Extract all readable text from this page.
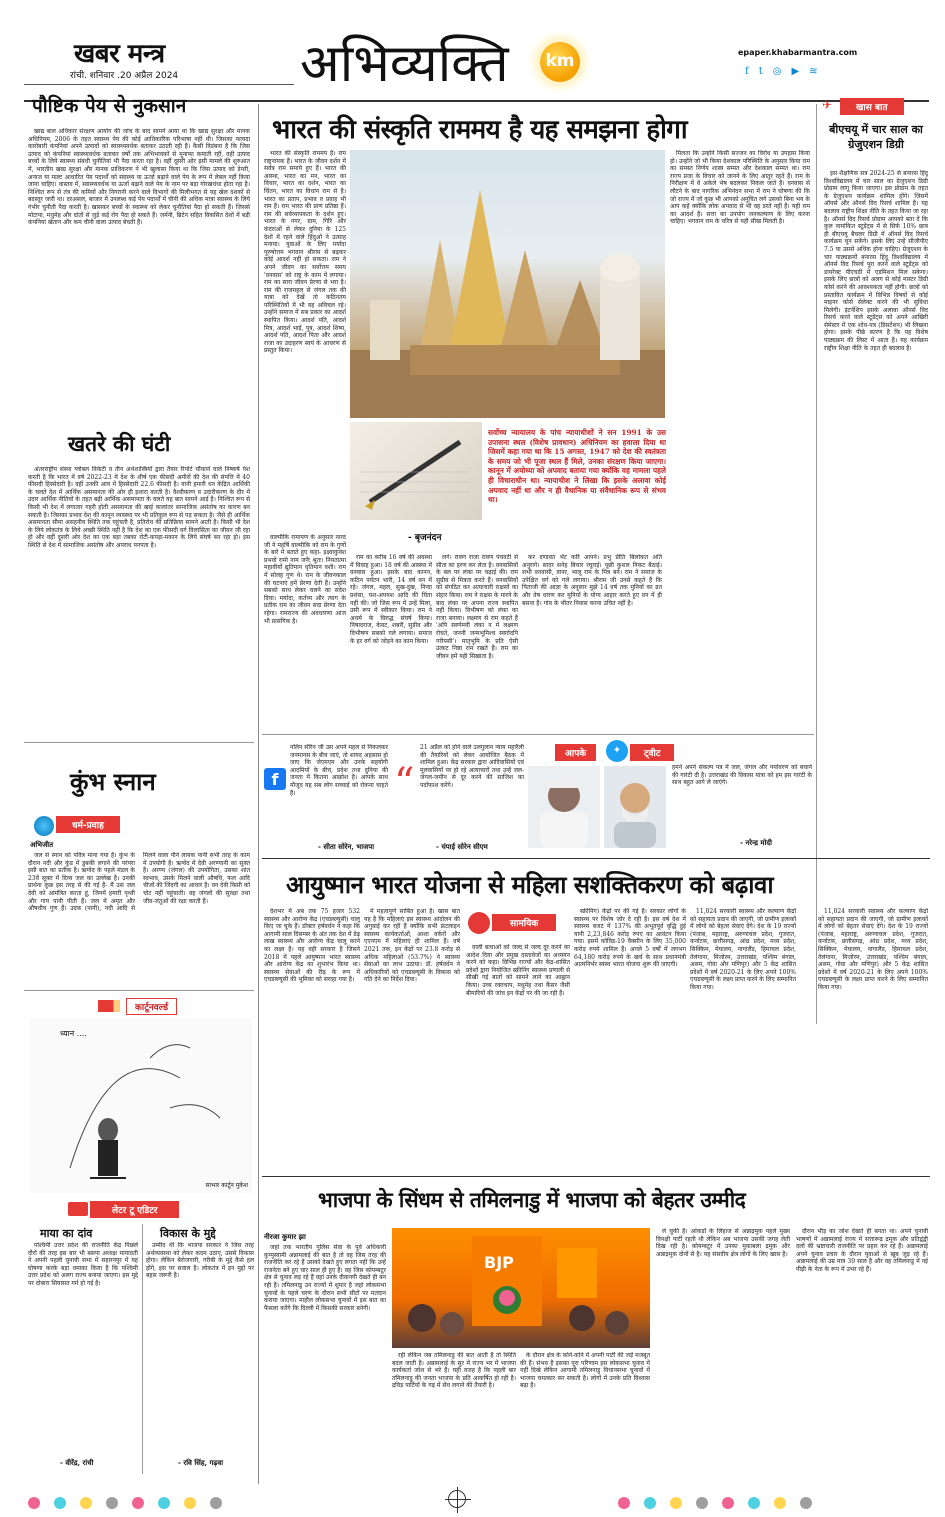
खबर मन्त्र
रांची. शनिवार .20 अप्रैल 2024 अभिव्यक्ति	km	epaper.khabarmantra.com
ft◎▶≋
पौष्टिक पेय से नुकसान

खाद्य बाल अधिकार संरक्षण आयोग की जांच के बाद सामने आया था कि खाद्य सुरक्षा और मानक अधिनियम, 2006 के तहत स्वास्थ्य पेय की कोई आधिकारिक परिभाषा नहीं थी। जिसका फायदा कारोबारी कंपनियां अपने उत्पादों को स्वास्थ्यवर्धक बताकर उठाती रही हैं। कैसी विडंबना है कि जिस उत्पाद को कंपनियां स्वास्थ्यवर्धक बताकर वर्षों तक अभिभावकों से मुनाफा कमाती रहीं, वही उत्पाद बच्चों के लिये स्वास्थ्य संबंधी चुनौतियां भी पैदा करता रहा है। वहीं दूसरी ओर इसी मामले की शुरुआत में, भारतीय खाद्य सुरक्षा और मानक प्राधिकरण ने भी खुलासा किया था कि जिस उत्पाद को डेयरी, अनाज या माल्ट आधारित पेय पदार्थों को स्वास्थ्य या ऊर्जा बढ़ाने वाले पेय के रूप में लेबल नहीं किया जाना चाहिए। वास्तव में, स्वास्थ्यवर्धक या ऊर्जा बढ़ाने वाले पेय के नाम पर बड़ा गोरखधंधा होता रहा है। निश्चित रूप से तंत्र की कमियों और निगरानी करने वाले विभागों की मिलीभगत से यह खेल दशकों से बदस्तूर जारी था। दरअसल, बाजार में उपलब्ध कई पेय पदार्थों में चीनी की अधिक मात्रा स्वास्थ्य के लिये गंभीर चुनौती पैदा करती है। खासकर बच्चों के स्वास्थ्य को लेकर चुनौतियां पैदा हो सकती हैं। जिससे मोटापा, मधुमेह और दांतों से जुड़े कई रोग पैदा हो सकते हैं। जर्मनी, ब्रिटेन सहित विकसित देशों में बड़ी कंपनियां खेतान और कम चीनी वाला उत्पाद बेचती हैं।

खतरे की घंटी

अंतरराष्ट्रीय संस्था ग्लोबल विकेटी व तीन अर्थशास्त्रियों द्वारा तैयार रिपोर्ट चौंकाने वाले निष्कर्ष पेश करती है कि भारत में वर्ष 2022-23 में देश के शीर्ष एक फीसदी अमीरों की देश की संपत्ति में 40 फीसदी हिस्सेदारी है। वहीं उनकी आय में हिस्सेदारी 22.6 फीसदी है। यानी हमारी धन केंद्रित आर्थिकी के चलते देश में आर्थिक असमानता की ओर ही इशारा करती है। वैश्वीकरण व उदारीकरण के दौर में उदार आर्थिक नीतियों के तहत बढ़ी आर्थिक असमानता के चलते यह बात सामने आई है। निश्चित रूप से किसी भी देश में लगातार गहरी होती असमानता की खाई कालांतर सामाजिक असंतोष का कारण बन सकती है। जिसका प्रभाव देश की कानून व्यवस्था पर भी प्रतिकूल रूप से पड़ सकता है। जैसे ही आर्थिक असमानता सीमा असहनीय स्थिति तक पहुंचती है, प्रतिरोध की प्रतिक्रिया सामने आती है। किसी भी देश के लिये लोकतंत्र के लिये अच्छी स्थिति नहीं है कि देश का एक फीसदी वर्ग विलासिता का जीवन जी रहा हो और वहीं दूसरी ओर देश का एक बड़ा तबका रोटी-कपड़ा-मकान के लिये संघर्ष कर रहा हो। इस स्थिति से देश में सामाजिक असंतोष और अपराध पनपता है।

कुंभ स्नान
धर्म-प्रवाह
अभिजीत

जल से स्नान को पवित्र माना गया है। कुंभ के दौरान नदी और कुंड में डुबकी लगाने की परंपरा इसी बात का प्रतीक है। ऋग्वेद के पहले मंडल के 23वें सूक्त में दिव्य जल का उल्लेख है। उनकी प्रार्थना कुछ इस तरह से की गई है- मैं उस जल देवी को आमंत्रित करता हूं, जिनमें हमारी पृथ्वी और गाय पानी पीती हैं। जल में अमृत और औषधीय गुण हैं। उदक (पानी), नदी आदि से मिलने वाला पीने लायक पानी सभी तरह के काम में उपयोगी है। ऋग्वेद में देवी अरण्यानी का सूक्त है। अरण्य (जंगल) की उपयोगिता, उसका शांत स्वभाव, उसके मिलने वाली औषधि, फल आदि चीजों की जिंदगी का आधार है। वन देवी किसी को चोट नहीं पहुंचाती। वह जंगलों की सुरक्षा तथा जीव-जंतुओं की रक्षा करती हैं।

कार्टूनवर्ल्ड
ध्यान ....
साभार कार्टून मुकेश
लेटर टू एडिटर
माया का दांव

पश्चिमी उत्तर प्रदेश की राजनीति केंद्र पिछले दौरों की तरह इस बार भी बसपा अध्यक्ष मायावती ने अपनी पहली चुनावी सभा में सहारनपुर में यह घोषणा करके बड़ा धमाका किया है कि पश्चिमी उत्तर प्रदेश को अलग राज्य बनाया जाएगा। इस मुद्दे पर दोबारा सियासत गर्म हो गई है।

- वीरेंद्र, रांची
विकास के मुद्दे

उम्मीद थी कि भाजपा सरकार ने जिस तरह अर्थव्यवस्था को लेकर कदम उठाए, उससे विकास होगा। लेकिन बेरोजगारी, गरीबी के मुद्दे कैसे हल होंगे, इस पर सवाल है। लोकतंत्र में इन मुद्दों पर बहस जरूरी है।

- रवि सिंह, गढ़वा
भारत की संस्कृति राममय है यह समझना होगा

भारत की संस्कृति राममय है। राम राष्ट्रनायक हैं। भारत के जीवन दर्शन में सर्वत्र राम समाये हुए हैं। भारत की आस्था, भारत का मन, भारत का विचार, भारत का दर्शन, भारत का चिंतन, भारत का विधान राम से है। भारत का प्रताप, प्रभाव व प्रवाह भी राम हैं। राम भारत की प्राण प्रतिष्ठा हैं। राम की सर्वव्यापकता के दर्शन हुए। भारत के नगर, ग्राम, गिरि और कंदराओं से लेकर दुनिया के 125 देशों में रहने वाले हिंदुओं ने उत्साह मनाया। युवाओं के लिए मर्यादा पुरुषोत्तम भगवान श्रीराम से बढ़कर कोई आदर्श नहीं हो सकता। राम ने अपने जीवन का सर्वोत्तम समय 'वनवास' को राष्ट्र के काम में लगाया। राम का सारा जीवन प्रेरणा से भरा है। राम की राजमहल से जंगल तक की यात्रा को देखें तो कठिनतम परिस्थितियों में भी वह अविचल रहे। उन्होंने समाज में सब प्रकार का आदर्श स्थापित किया। आदर्श पति, आदर्श मित्र, आदर्श भाई, पुत्र, आदर्श शिष्य, आदर्श पति, आदर्श पिता और आदर्श राजा का उदाहरण स्वयं के आचरण से प्रस्तुत किया।

- बृजनंदन
सर्वोच्च न्यायालय के पांच न्यायाधीशों ने सन 1991 के उस उपासना स्थल (विशेष प्रावधान) अधिनियम का हवाला दिया था जिसमें कहा गया था कि 15 अगस्त, 1947 को देश की स्वतंत्रता के समय जो भी पूजा स्थल हैं मिले, उनका संरक्षण किया जाएगा। कानून में अयोध्या को अपवाद बताया गया क्योंकि वह मामला पहले ही विचाराधीन था। न्यायाधीश ने लिखा कि इसके अलावा कोई अपवाद नहीं था और न ही वैधानिक या संवैधानिक रूप से संभव था।

वाल्मीकि रामायण के अनुसार नारद जी ने महर्षि वाल्मीकि को राम के गुणों के बारे में बताते हुए कहा- इक्ष्वाकुवंश प्रभवो रामो नाम जनैः श्रुतः। नियतात्मा महावीर्यो द्युतिमान धृतिमान वशी। राम में सोलह गुण थे। राम के जीवनकाल की घटनाएं हमें प्रेरणा देती हैं। उन्होंने सबको साथ लेकर चलने का संदेश दिया। मर्यादा, कर्तव्य और त्याग के प्रतीक राम का जीवन सदा प्रेरणा देता रहेगा। रामराज्य की अवधारणा आज भी प्रासंगिक है।

राम का करीब 16 वर्ष की अवस्था में विवाह हुआ। 18 वर्ष की अवस्था में वनवास हुआ। इसके बाद कानन, कठिन पर्यटन भारी, 14 वर्ष वन में रहे। जंगल, महल, सुख-दुख, निन्दा प्रशंसा, यश-अपयश आदि की चिंता नहीं की। जो जिस रूप में उन्हें मिला, उसी रूप में स्वीकार किया। राम ने अधर्म के विरुद्ध संघर्ष किया। निषादराज, केवट, शबरी, सुग्रीव और विभीषण सबको गले लगाया। समाज के हर वर्ग को जोड़ने का काम किया।

लगे। रावण राजा रावण पंचवटी से सीता का हरण कर लेता है। वनवासियों के बल पर लंका पर चढ़ाई की। राम सुग्रीव से मित्रता करते हैं। वनवासियों को संगठित कर अत्याचारी राक्षसों का संहार किया। राम ने राक्षस के मारने के बाद लंका पर अपना राज्य स्थापित नहीं किया। विभीषण को लंका का राजा बनाया। लक्ष्मण से राम कहते हैं 'अपि स्वर्णमयी लंका न मे लक्ष्मण रोचते, जननी जन्मभूमिश्च स्वर्गादपि गरीयसी'। मातृभूमि के प्रति ऐसी उत्कट निष्ठा राम रखते हैं। राम का जीवन हमें यही सिखाता है।

कर दण्डवत भेंट करि आपने। प्रभु प्रीति बिलोकत अति अनुरागे। सादर सनेह बिचार रघुराई। पूछी कुशल निकट बैठाई। सभी वनवासी, वानर, भालू राम के मित्र बने। राम ने समाज के उपेक्षित वर्ग को गले लगाया। श्रीराम जी उनसे कहते हैं कि पिताजी की आज्ञा के अनुसार मुझे 14 वर्ष तक मुनियों का व्रत और वेष धारण कर मुनियों के योग्य आहार करते हुए वन में ही बसना है। गांव के भीतर निवास करना उचित नहीं है।

मिलता कि उन्होंने किसी सज्जन का विरोध या उपहास किया हो। उन्होंने जो भी किया देशकाल परिस्थिति के अनुसार किया राम का समस्त निर्णय शास्त्र सम्मत और देशकाल सम्मत था। राम राज्य प्रजा के विचार को जानने के लिए आतुर रहते हैं। राम के निरीक्षण में वे अकेले भेष बदलकर निकल जाते हैं। वनवास से लौटने के बाद नागरिक अभिनंदन सभा में राम ने घोषणा की कि जो राज्य में जो कुछ भी आपको अनुचित लगे उसको बिना भय के आप कहें क्योंकि लोक अपवाद से भी वह डरते नहीं हैं। यही राम का आदर्श है। सत्ता का उपयोग जनकल्याण के लिए करना चाहिए। भगवान राम के चरित्र से यही सीख मिलती है।

✈	खास बात
बीएचयू में चार साल का ग्रेजुएशन डिग्री

इस शैक्षणिक सत्र 2024-25 से बनारस हिंदू विश्वविद्यालय में चार साल का ग्रेजुएशन डिग्री प्रोग्राम लागू किया जाएगा। इस प्रोग्राम के तहत के ग्रेजुएशन कार्यक्रम शामिल होंगे। जिसमें ऑनर्स और ऑनर्स विद रिसर्च शामिल है। यह बदलाव राष्ट्रीय शिक्षा नीति के तहत किया जा रहा है। ऑनर्स विद रिसर्च प्रोग्राम आपको बता दें कि कुल नामांकित स्टूडेंट्स में से सिर्फ 10% छात्र ही बीएचयू बैचलर डिग्री में ऑनर्स विद रिसर्च कार्यक्रम चुन सकेंगे। इसके लिए उन्हें सीजीपीए 7.5 या उससे अधिक होना चाहिए। ग्रेजुएशन के चार पाठ्यक्रमों बनारस हिंदू विश्वविद्यालय में ऑनर्स विद रिसर्च पूरा करने वाले स्टूडेंट्स को डायरेक्ट पीएचडी में एडमिशन मिल सकेगा। इसके लिए छात्रों को अलग से कोई मास्टर डिग्री कोर्स करने की आवश्यकता नहीं होगी। छात्रों को प्रस्तावित कार्यक्रम में विभिन्न विषयों से कोई माइनर कोर्स सेलेक्ट करने की भी सुविधा मिलेगी। इंटर्नशिप इसके अलावा ऑनर्स विद रिसर्च करने वाले स्टूडेंट्स को अपने आखिरी सेमेस्टर में एक शोध-पत्र (डिसर्टेशन) भी लिखना होगा। इसके पीछे कारण है कि यह विशेष पाठ्यक्रम की लिस्ट में आता है। यह कार्यक्रम राष्ट्रीय शिक्षा नीति के तहत ही बदलाव है।

f
नलिन सेरिन जी उस अपने महल से निकलकर जनमानस के बीच जाएं, तो शायद अहसास हो जाए कि जेएमएम और उनके सहयोगी आदमियों के बीच, प्रदेश तथा दुनिया की जनता में कितना आक्रोश है। आपके साथ मौजूद यह सब लोग सच्चाई को रोकना चाहते हैं।
- सीता सोरेन, भाजपा
“
21 अप्रैल को होने वाले उलगुलान न्याय महारैली की तैयारियों को लेकर आयोजित बैठक में शामिल हुआ। केंद्र सरकार द्वारा आदिवासियों एवं मूलवासियों पर हो रहे अत्याचारों तथा उन्हें जल-जंगल-जमीन से दूर करने की साजिश का पर्दाफाश करेंगे।
- चंपाई सोरेन सीएम
आपके	✦	ट्वीट
हमने अपने संकल्प पत्र में जल, जंगल और पर्यावरण को बचाने की गारंटी दी है। उत्तराखंड की विकास यात्रा को हम इस गारंटी के साथ बहुत आगे ले जाएंगे।
- नरेन्द्र मोदी
आयुष्मान भारत योजना से महिला सशक्तिकरण को बढ़ावा

देशभर में अब तक 75 हजार 532 स्वास्थ्य और आरोग्य केंद्र (एचडब्ल्यूसी) चालू किए जा चुके हैं। डॉक्टर हर्षवर्धन ने कहा कि आगामी साल दिसम्बर के अंत तक देश में डेढ़ लाख स्वास्थ्य और आरोग्य केंद्र चालू करने का लक्ष्य है। यह वही सरकार है जिसने 2018 में पहले आयुष्मान भारत स्वास्थ्य और आरोग्य केंद्र का शुभारंभ किया था। स्वास्थ्य सेवाओं की रीढ़ के रूप में एचडब्ल्यूसी की भूमिका को सराहा गया है।

में महत्वपूर्ण साबित हुआ है। खास बात यह है कि महिलाएं इस स्वास्थ्य आंदोलन की अगुवाई कर रही हैं क्योंकि सभी फ्रंटलाइन स्वास्थ्य कार्यकर्ताओं, आशा वर्करों और एएनएम में महिलाएं ही शामिल हैं। वर्ष 2021 तक, इन केंद्रों पर 23.8 करोड़ से अधिक महिलाओं (53.7%) ने स्वास्थ्य सेवाओं का लाभ उठाया। डॉ. हर्षवर्धन ने अधिकारियों को एचडब्ल्यूसी के विकास को गति देने का निर्देश दिया।

सामयिक

वाली बाधाओं को जल्द से जल्द दूर करने का आदेश दिया और प्रमुख दस्तावेजों का अध्ययन करने को कहा। विभिन्न राज्यों और केंद्र-शासित प्रदेशों द्वारा नियोजित स्क्रीनिंग स्वास्थ्य प्रणाली से सीखी गई बातों को सामने लाने का आह्वान किया। उच्च रक्तचाप, मधुमेह तथा कैंसर जैसी बीमारियों की जांच इन केंद्रों पर की जा रही है।

स्क्रीनिंग) केंद्रों पर की गई है। सरकार लोगों के स्वास्थ्य पर विशेष जोर दे रही है। इस वर्ष देश में स्वास्थ्य बजट में 137% की अभूतपूर्व वृद्धि हुई यानी 2,23,846 करोड़ रुपए का आवंटन किया गया। इसमें कोविड-19 वैक्सीन के लिए 35,000 करोड़ रुपये शामिल हैं। अगले 5 वर्षों में लगभग 64,180 करोड़ रुपये के खर्च के साथ प्रधानमंत्री आत्मनिर्भर स्वस्थ भारत योजना शुरू की जाएगी।

11,024 सरकारी स्वास्थ्य और कल्याण केंद्रों को सहायता प्रदान की जाएगी, जो ग्रामीण इलाकों में लोगों को बेहतर सेवाएं देंगे। देश के 19 राज्यों (पंजाब, महाराष्ट्र, अरुणाचल प्रदेश, गुजरात, कर्नाटक, छत्तीसगढ़, आंध्र प्रदेश, मध्य प्रदेश, सिक्किम, मेघालय, नागालैंड, हिमाचल प्रदेश, तेलंगाना, मिजोरम, उत्तराखंड, पश्चिम बंगाल, असम, गोवा और मणिपुर) और 5 केंद्र शासित प्रदेशों में वर्ष 2020-21 के लिए अपने 100% एचडब्ल्यूसी के लक्ष्य प्राप्त करने के लिए सम्मानित किया गया।

11,024 सरकारी स्वास्थ्य और कल्याण केंद्रों को सहायता प्रदान की जाएगी, जो ग्रामीण इलाकों में लोगों को बेहतर सेवाएं देंगे। देश के 19 राज्यों (पंजाब, महाराष्ट्र, अरुणाचल प्रदेश, गुजरात, कर्नाटक, छत्तीसगढ़, आंध्र प्रदेश, मध्य प्रदेश, सिक्किम, मेघालय, नागालैंड, हिमाचल प्रदेश, तेलंगाना, मिजोरम, उत्तराखंड, पश्चिम बंगाल, असम, गोवा और मणिपुर) और 5 केंद्र शासित प्रदेशों में वर्ष 2020-21 के लिए अपने 100% एचडब्ल्यूसी के लक्ष्य प्राप्त करने के लिए सम्मानित किया गया।

भाजपा के सिंधम से तमिलनाडु में भाजपा को बेहतर उम्मीद
नीरजा कुमार झा

जहां तक भारतीय पुलिस सेवा के पूर्व अधिकारी कुप्पुस्वामी अन्नामलाई की बात है तो वह जिस तरह की राजनीति कर रहे हैं उसको देखते हुए लगता नहीं कि उन्हें राजनेता बने हुए चार साल ही हुए हैं। वह जिस कोयम्बटूर क्षेत्र से चुनाव लड़ रहे हैं वहां उनके दीवानगी देखते ही बन रही है। तमिलनाडु उन राज्यों में शुमार है जहां लोकसभा चुनावों के पहले चरण के दौरान सभी सीटों पर मतदान कराया जाएगा। माहौल लोकसभा चुनावों में इस बात का फैसला करेंगे कि दिल्ली में किसकी सरकार बनेगी।

BJP

रही लेकिन जब तमिलनाडु की बात आती है तो स्थिति बदल जाती है। अन्नामलाई के सुर में राज्य भर में भाजपा कार्यकर्ता जोश से भरे हैं। यही वजह है कि पहली बार तमिलनाडु की जनता भाजपा के प्रति आकर्षित हो रही है। द्रविड़ पार्टियों के गढ़ में सेंध लगाने की तैयारी है।

के दौरान क्षेत्र के कोने-कोने में अपनी पार्टी की जड़ें मजबूत की हैं। संभव है इसका पूरा परिणाम इस लोकसभा चुनाव में नहीं दिखे लेकिन आगामी तमिलनाडु विधानसभा चुनावों में भाजपा चमत्कार कर सकती है। लोगों में उनके प्रति विश्वास बढ़ा है।

ले चुकी है। आंकड़ों के लिहाज से अन्नाद्रमुक पहले मुख्य विपक्षी पार्टी रहती थी लेकिन अब भाजपा उसकी जगह लेती दिख रही है। कोयम्बटूर में उनका मुकाबला द्रमुक और अन्नाद्रमुक दोनों से है। यह संसदीय क्षेत्र लोगों के लिए खास है।

दौरान भीड़ का जोश देखते ही बनता था। अपने चुनावी भाषणों में अन्नामलाई राज्य में सत्तारूढ़ द्रमुक और प्रतिद्वंद्वी दलों की भ्रष्टाचारी राजनीति पर प्रहार कर रहे हैं। अन्नामलाई अपने चुनाव प्रचार के दौरान युवाओं से खूब जुड़ रहे हैं। अन्नामलाई की उम्र मात्र 39 साल है और वह तमिलनाडु में नई पीढ़ी के नेता के रूप में उभर रहे हैं।
